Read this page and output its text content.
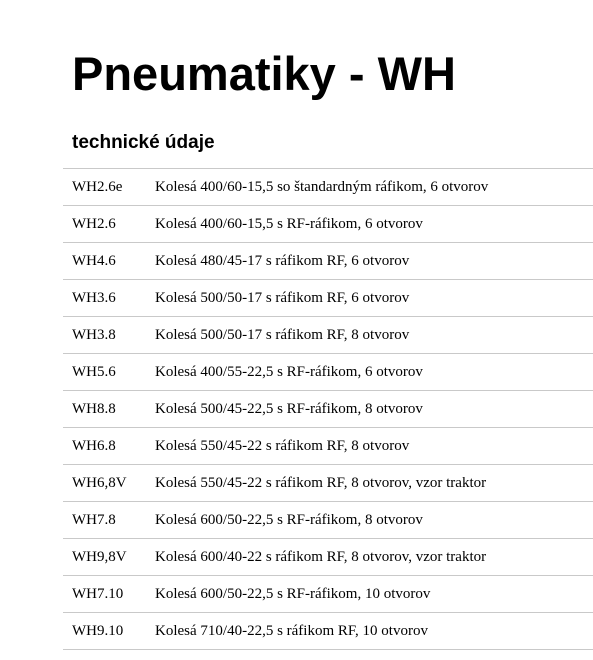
Pneumatiky - WH
technické údaje
WH2.6e	Kolesá 400/60-15,5 so štandardným ráfikom, 6 otvorov
WH2.6	Kolesá 400/60-15,5 s RF-ráfikom, 6 otvorov
WH4.6	Kolesá 480/45-17 s ráfikom RF, 6 otvorov
WH3.6	Kolesá 500/50-17 s ráfikom RF, 6 otvorov
WH3.8	Kolesá 500/50-17 s ráfikom RF, 8 otvorov
WH5.6	Kolesá 400/55-22,5 s RF-ráfikom, 6 otvorov
WH8.8	Kolesá 500/45-22,5 s RF-ráfikom, 8 otvorov
WH6.8	Kolesá 550/45-22 s ráfikom RF, 8 otvorov
WH6,8V	Kolesá 550/45-22 s ráfikom RF, 8 otvorov, vzor traktor
WH7.8	Kolesá 600/50-22,5 s RF-ráfikom, 8 otvorov
WH9,8V	Kolesá 600/40-22 s ráfikom RF, 8 otvorov, vzor traktor
WH7.10	Kolesá 600/50-22,5 s RF-ráfikom, 10 otvorov
WH9.10	Kolesá 710/40-22,5 s ráfikom RF, 10 otvorov
